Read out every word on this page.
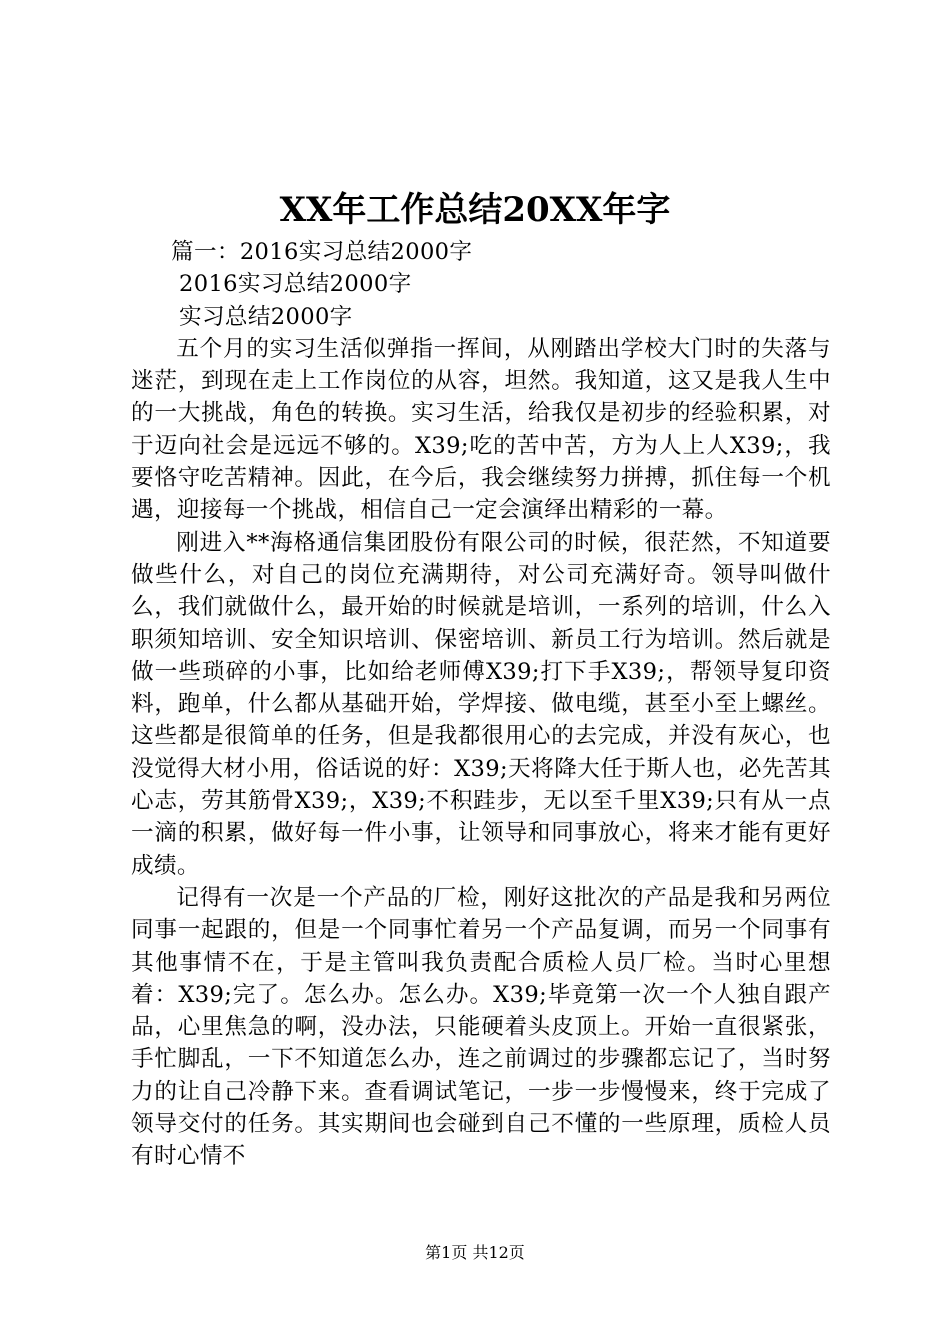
XX年工作总结20XX年字

篇一：2016实习总结2000字

2016实习总结2000字

实习总结2000字

五个月的实习生活似弹指一挥间，从刚踏出学校大门时的失落与迷茫，到现在走上工作岗位的从容，坦然。我知道，这又是我人生中的一大挑战，角色的转换。实习生活，给我仅是初步的经验积累，对于迈向社会是远远不够的。X39;吃的苦中苦，方为人上人X39;，我要恪守吃苦精神。因此，在今后，我会继续努力拼搏，抓住每一个机遇，迎接每一个挑战，相信自己一定会演绎出精彩的一幕。

刚进入**海格通信集团股份有限公司的时候，很茫然，不知道要做些什么，对自己的岗位充满期待，对公司充满好奇。领导叫做什么，我们就做什么，最开始的时候就是培训，一系列的培训，什么入职须知培训、安全知识培训、保密培训、新员工行为培训。然后就是做一些琐碎的小事，比如给老师傅X39;打下手X39;，帮领导复印资料，跑单，什么都从基础开始，学焊接、做电缆，甚至小至上螺丝。这些都是很简单的任务，但是我都很用心的去完成，并没有灰心，也没觉得大材小用，俗话说的好：X39;天将降大任于斯人也，必先苦其心志，劳其筋骨X39;，X39;不积跬步，无以至千里X39;只有从一点一滴的积累，做好每一件小事，让领导和同事放心，将来才能有更好成绩。

记得有一次是一个产品的厂检，刚好这批次的产品是我和另两位同事一起跟的，但是一个同事忙着另一个产品复调，而另一个同事有其他事情不在，于是主管叫我负责配合质检人员厂检。当时心里想着：X39;完了。怎么办。怎么办。X39;毕竟第一次一个人独自跟产品，心里焦急的啊，没办法，只能硬着头皮顶上。开始一直很紧张，手忙脚乱，一下不知道怎么办，连之前调过的步骤都忘记了，当时努力的让自己冷静下来。查看调试笔记，一步一步慢慢来，终于完成了领导交付的任务。其实期间也会碰到自己不懂的一些原理，质检人员有时心情不

第1页 共12页
